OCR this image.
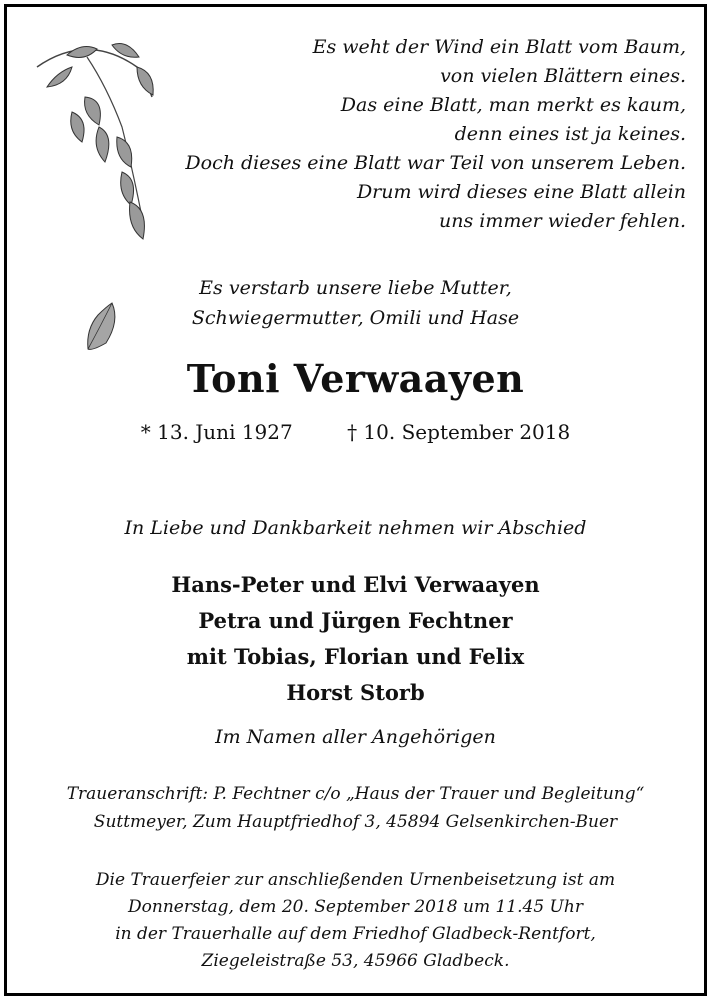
Es weht der Wind ein Blatt vom Baum,
von vielen Blättern eines.
Das eine Blatt, man merkt es kaum,
denn eines ist ja keines.
Doch dieses eine Blatt war Teil von unserem Leben.
Drum wird dieses eine Blatt allein
uns immer wieder fehlen.
Es verstarb unsere liebe Mutter,
Schwiegermutter, Omili und Hase
Toni Verwaayen
* 13. Juni 1927	† 10. September 2018
In Liebe und Dankbarkeit nehmen wir Abschied
Hans-Peter und Elvi Verwaayen
Petra und Jürgen Fechtner
mit Tobias, Florian und Felix
Horst Storb
Im Namen aller Angehörigen
Traueranschrift: P. Fechtner c/o „Haus der Trauer und Begleitung“
Suttmeyer, Zum Hauptfriedhof 3, 45894 Gelsenkirchen-Buer
Die Trauerfeier zur anschließenden Urnenbeisetzung ist am
Donnerstag, dem 20. September 2018 um 11.45 Uhr
in der Trauerhalle auf dem Friedhof Gladbeck-Rentfort,
Ziegeleistraße 53, 45966 Gladbeck.
